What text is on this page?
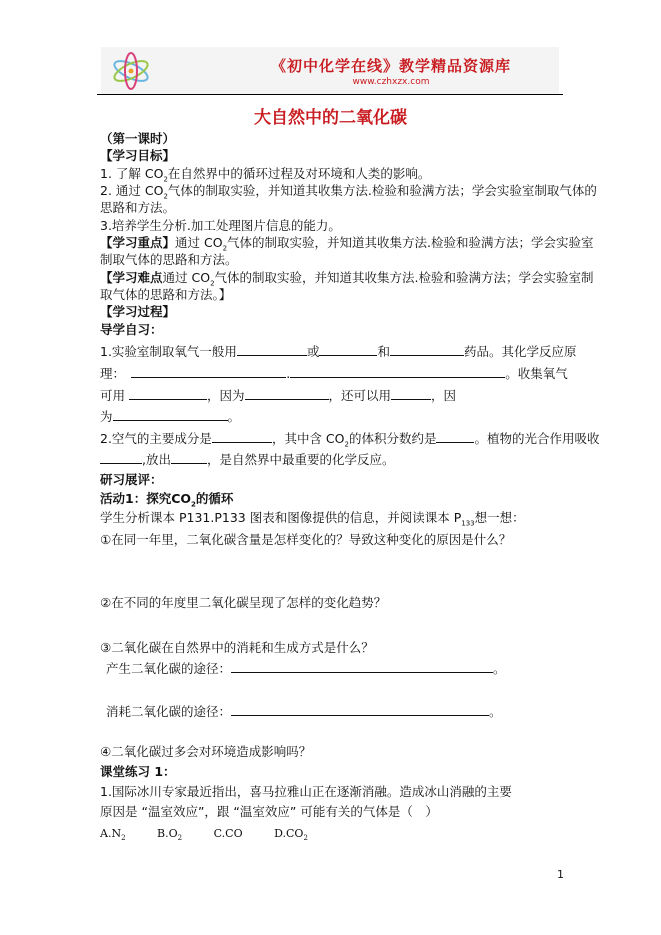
《初中化学在线》教学精品资源库
www.czhxzx.com
大自然中的二氧化碳
（第一课时）
【学习目标】
1. 了解 $CO_2$在自然界中的循环过程及对环境和人类的影响。
2. 通过 $CO_2$气体的制取实验，并知道其收集方法.检验和验满方法；学会实验室制取气体的
思路和方法。
3.培养学生分析.加工处理图片信息的能力。
【学习重点】通过 $CO_2$气体的制取实验，并知道其收集方法.检验和验满方法；学会实验室
制取气体的思路和方法。
【学习难点通过 $CO_2$气体的制取实验，并知道其收集方法.检验和验满方法；学会实验室制
取气体的思路和方法。】
【学习过程】
导学自习：
1.实验室制取氧气一般用	或	和	药品。其化学反应原
理：　	.	。收集氧气
可用	，因为	，还可以用	，因
为	。
2.空气的主要成分是	，其中含 $CO_2$的体积分数约是	。植物的光合作用吸收
,放出	，是自然界中最重要的化学反应。
研习展评：
活动1：探究$CO_2$的循环
学生分析课本 P131.P133 图表和图像提供的信息，并阅读课本 $P_{133}$想一想：
①在同一年里，二氧化碳含量是怎样变化的？导致这种变化的原因是什么？
②在不同的年度里二氧化碳呈现了怎样的变化趋势？
③二氧化碳在自然界中的消耗和生成方式是什么？
产生二氧化碳的途径：	。
消耗二氧化碳的途径：	。
④二氧化碳过多会对环境造成影响吗？
课堂练习 1：
1.国际冰川专家最近指出，喜马拉雅山正在逐渐消融。造成冰山消融的主要
原因是 “温室效应”，跟 “温室效应” 可能有关的气体是（　）
$A.N_2$	$B.O_2$	C.CO	$D.CO_2$
1
